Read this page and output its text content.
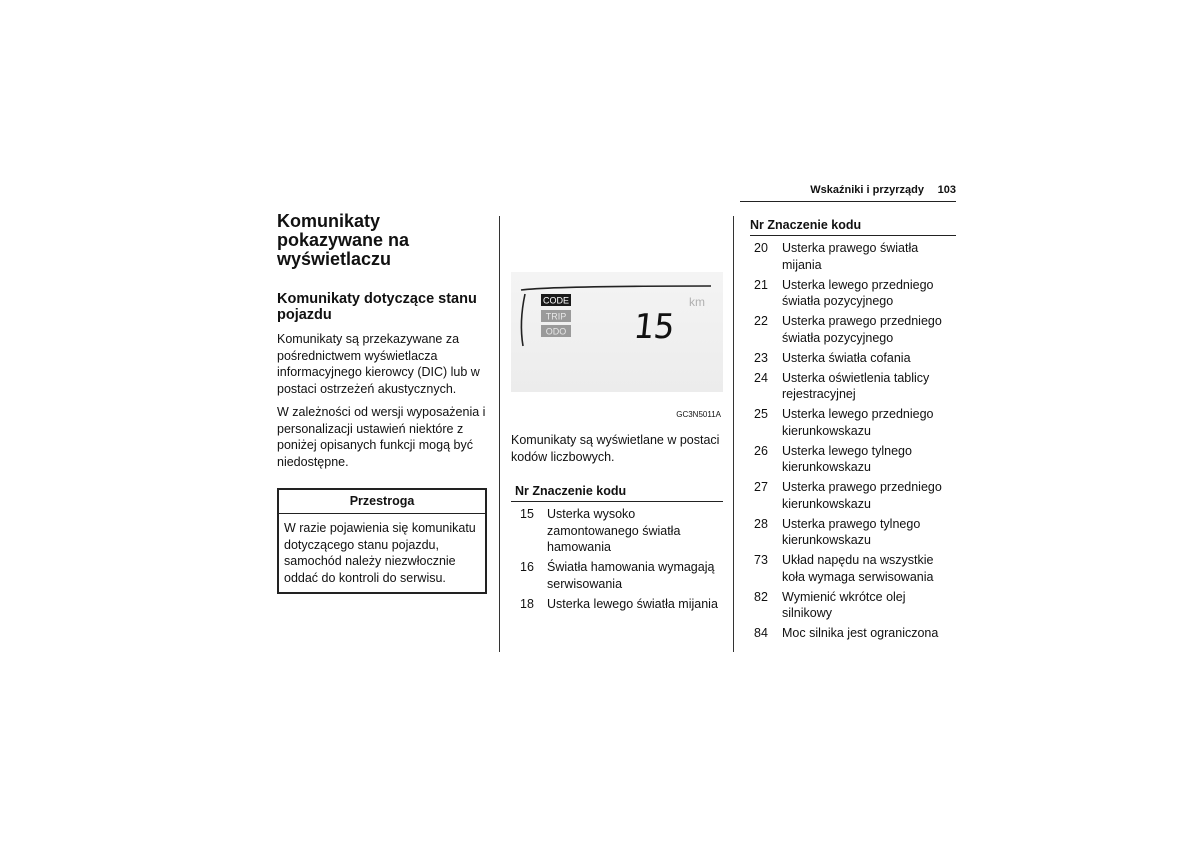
Wskaźniki i przyrządy 103
Komunikaty pokazywane na wyświetlaczu
Komunikaty dotyczące stanu pojazdu

Komunikaty są przekazywane za pośrednictwem wyświetlacza informacyjnego kierowcy (DIC) lub w postaci ostrzeżeń akustycznych.

W zależności od wersji wyposażenia i personalizacji ustawień niektóre z poniżej opisanych funkcji mogą być niedostępne.

Przestroga
W razie pojawienia się komunikatu dotyczącego stanu pojazdu, samochód należy niezwłocznie oddać do kontroli do serwisu.
CODE
TRIP
ODO
km
15
GC3N5011A

Komunikaty są wyświetlane w postaci kodów liczbowych.

Nr Znaczenie kodu
15	Usterka wysoko zamontowanego światła hamowania
16	Światła hamowania wymagają serwisowania
18	Usterka lewego światła mijania
Nr Znaczenie kodu
20	Usterka prawego światła mijania
21	Usterka lewego przedniego światła pozycyjnego
22	Usterka prawego przedniego światła pozycyjnego
23	Usterka światła cofania
24	Usterka oświetlenia tablicy rejestracyjnej
25	Usterka lewego przedniego kierunkowskazu
26	Usterka lewego tylnego kierunkowskazu
27	Usterka prawego przedniego kierunkowskazu
28	Usterka prawego tylnego kierunkowskazu
73	Układ napędu na wszystkie koła wymaga serwisowania
82	Wymienić wkrótce olej silnikowy
84	Moc silnika jest ograniczona
